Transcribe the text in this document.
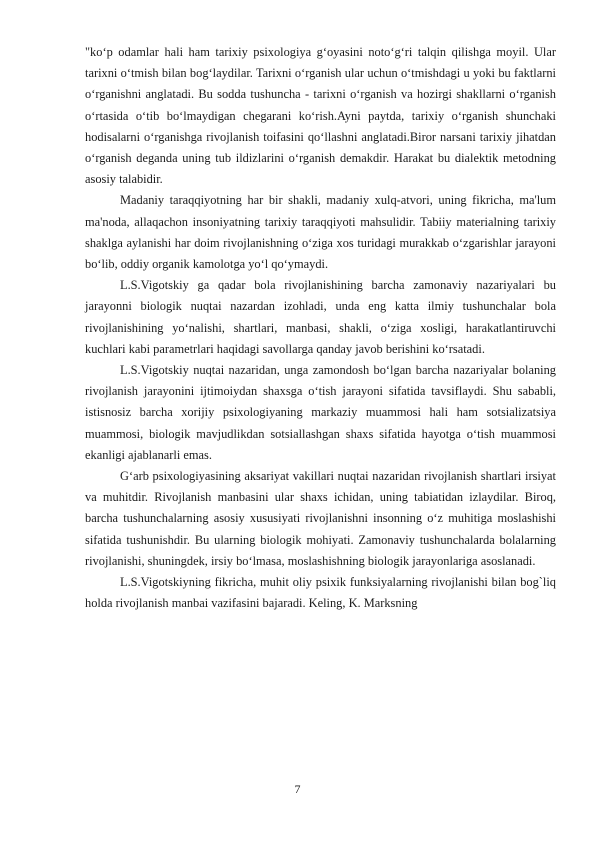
"ko‘p odamlar hali ham tarixiy psixologiya g‘oyasini noto‘g‘ri talqin qilishga moyil. Ular tarixni o‘tmish bilan bog‘laydilar. Tarixni o‘rganish ular uchun o‘tmishdagi u yoki bu faktlarni o‘rganishni anglatadi. Bu sodda tushuncha - tarixni o‘rganish va hozirgi shakllarni o‘rganish o‘rtasida o‘tib bo‘lmaydigan chegarani ko‘rish.Ayni paytda, tarixiy o‘rganish shunchaki hodisalarni o‘rganishga rivojlanish toifasini qo‘llashni anglatadi.Biror narsani tarixiy jihatdan o‘rganish deganda uning tub ildizlarini o‘rganish demakdir. Harakat bu dialektik metodning asosiy talabidir.

Madaniy taraqqiyotning har bir shakli, madaniy xulq-atvori, uning fikricha, ma'lum ma'noda, allaqachon insoniyatning tarixiy taraqqiyoti mahsulidir. Tabiiy materialning tarixiy shaklga aylanishi har doim rivojlanishning o‘ziga xos turidagi murakkab o‘zgarishlar jarayoni bo‘lib, oddiy organik kamolotga yo‘l qo‘ymaydi.

L.S.Vigotskiy ga qadar bola rivojlanishining barcha zamonaviy nazariyalari bu jarayonni biologik nuqtai nazardan izohladi, unda eng katta ilmiy tushunchalar bola rivojlanishining yo‘nalishi, shartlari, manbasi, shakli, o‘ziga xosligi, harakatlantiruvchi kuchlari kabi parametrlari haqidagi savollarga qanday javob berishini ko‘rsatadi.

L.S.Vigotskiy nuqtai nazaridan, unga zamondosh bo‘lgan barcha nazariyalar bolaning rivojlanish jarayonini ijtimoiydan shaxsga o‘tish jarayoni sifatida tavsiflaydi. Shu sababli, istisnosiz barcha xorijiy psixologiyaning markaziy muammosi hali ham sotsializatsiya muammosi, biologik mavjudlikdan sotsiallashgan shaxs sifatida hayotga o‘tish muammosi ekanligi ajablanarli emas.

G‘arb psixologiyasining aksariyat vakillari nuqtai nazaridan rivojlanish shartlari irsiyat va muhitdir. Rivojlanish manbasini ular shaxs ichidan, uning tabiatidan izlaydilar. Biroq, barcha tushunchalarning asosiy xususiyati rivojlanishni insonning o‘z muhitiga moslashishi sifatida tushunishdir. Bu ularning biologik mohiyati. Zamonaviy tushunchalarda bolalarning rivojlanishi, shuningdek, irsiy bo‘lmasa, moslashishning biologik jarayonlariga asoslanadi.

L.S.Vigotskiyning fikricha, muhit oliy psixik funksiyalarning rivojlanishi bilan bog`liq holda rivojlanish manbai vazifasini bajaradi. Keling, K. Marksning

7
